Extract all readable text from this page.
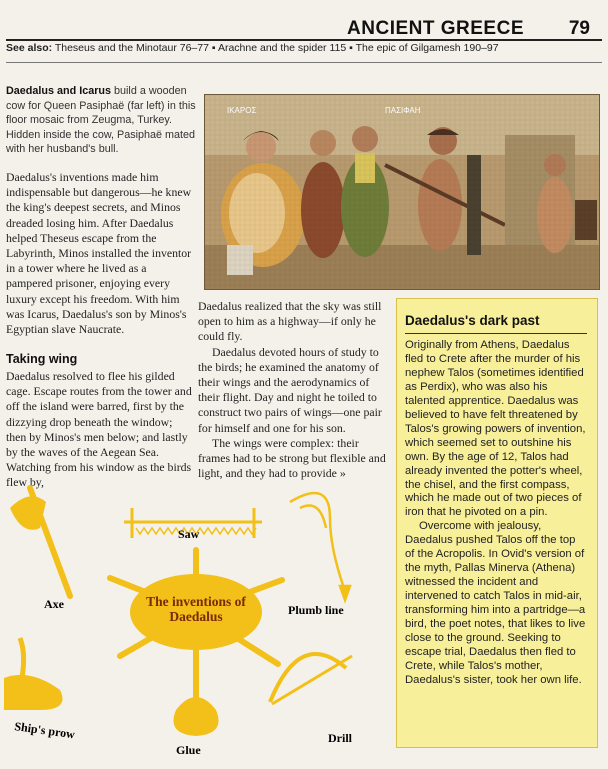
ANCIENT GREECE 79
See also: Theseus and the Minotaur 76–77 ▪ Arachne and the spider 115 ▪ The epic of Gilgamesh 190–97
Daedalus and Icarus build a wooden cow for Queen Pasiphaë (far left) in this floor mosaic from Zeugma, Turkey. Hidden inside the cow, Pasiphaë mated with her husband's bull.
Daedalus's inventions made him indispensable but dangerous—he knew the king's deepest secrets, and Minos dreaded losing him. After Daedalus helped Theseus escape from the Labyrinth, Minos installed the inventor in a tower where he lived as a pampered prisoner, enjoying every luxury except his freedom. With him was Icarus, Daedalus's son by Minos's Egyptian slave Naucrate.
Taking wing
Daedalus resolved to flee his gilded cage. Escape routes from the tower and off the island were barred, first by the dizzying drop beneath the window; then by Minos's men below; and lastly by the waves of the Aegean Sea. Watching from his window as the birds flew by,
Daedalus realized that the sky was still open to him as a highway—if only he could fly.
Daedalus devoted hours of study to the birds; he examined the anatomy of their wings and the aerodynamics of their flight. Day and night he toiled to construct two pairs of wings—one pair for himself and one for his son.
The wings were complex: their frames had to be strong but flexible and light, and they had to provide »
Daedalus's dark past
Originally from Athens, Daedalus fled to Crete after the murder of his nephew Talos (sometimes identified as Perdix), who was also his talented apprentice. Daedalus was believed to have felt threatened by Talos's growing powers of invention, which seemed set to outshine his own. By the age of 12, Talos had already invented the potter's wheel, the chisel, and the first compass, which he made out of two pieces of iron that he pivoted on a pin.
Overcome with jealousy, Daedalus pushed Talos off the top of the Acropolis. In Ovid's version of the myth, Pallas Minerva (Athena) witnessed the incident and intervened to catch Talos in mid-air, transforming him into a partridge—a bird, the poet notes, that likes to live close to the ground. Seeking to escape trial, Daedalus then fled to Crete, while Talos's mother, Daedalus's sister, took her own life.
Saw
Axe	Plumb line
Ship's prow
Glue
Drill
The inventions of Daedalus
